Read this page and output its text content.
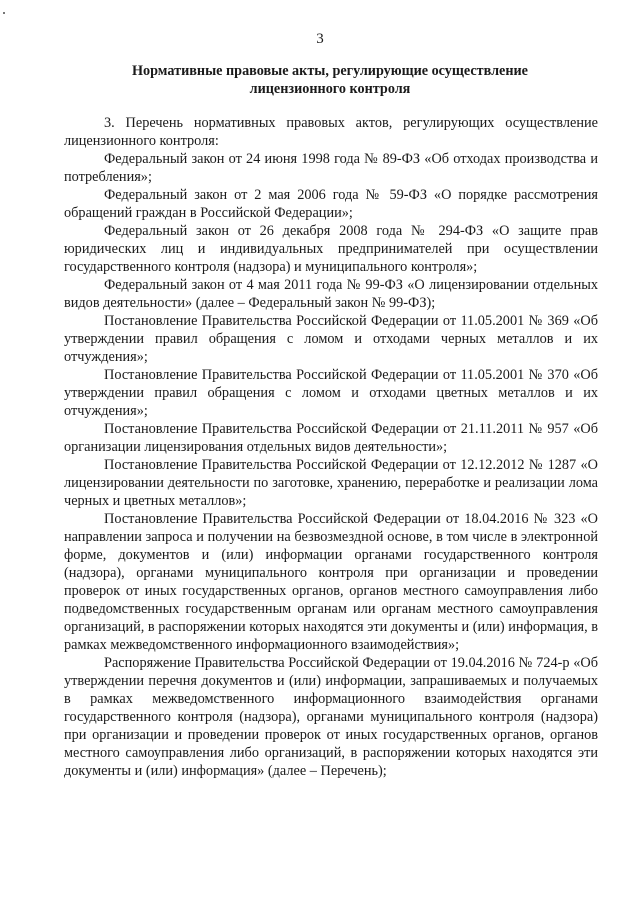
3
Нормативные правовые акты, регулирующие осуществление
лицензионного контроля

3. Перечень нормативных правовых актов, регулирующих осуществление лицензионного контроля:

Федеральный закон от 24 июня 1998 года № 89-ФЗ «Об отходах производства и потребления»;

Федеральный закон от 2 мая 2006 года № 59-ФЗ «О порядке рассмотрения обращений граждан в Российской Федерации»;

Федеральный закон от 26 декабря 2008 года № 294-ФЗ «О защите прав юридических лиц и индивидуальных предпринимателей при осуществлении государственного контроля (надзора) и муниципального контроля»;

Федеральный закон от 4 мая 2011 года № 99-ФЗ «О лицензировании отдельных видов деятельности» (далее – Федеральный закон № 99-ФЗ);

Постановление Правительства Российской Федерации от 11.05.2001 № 369 «Об утверждении правил обращения с ломом и отходами черных металлов и их отчуждения»;

Постановление Правительства Российской Федерации от 11.05.2001 № 370 «Об утверждении правил обращения с ломом и отходами цветных металлов и их отчуждения»;

Постановление Правительства Российской Федерации от 21.11.2011 № 957 «Об организации лицензирования отдельных видов деятельности»;

Постановление Правительства Российской Федерации от 12.12.2012 № 1287 «О лицензировании деятельности по заготовке, хранению, переработке и реализации лома черных и цветных металлов»;

Постановление Правительства Российской Федерации от 18.04.2016 № 323 «О направлении запроса и получении на безвозмездной основе, в том числе в электронной форме, документов и (или) информации органами государственного контроля (надзора), органами муниципального контроля при организации и проведении проверок от иных государственных органов, органов местного самоуправления либо подведомственных государственным органам или органам местного самоуправления организаций, в распоряжении которых находятся эти документы и (или) информация, в рамках межведомственного информационного взаимодействия»;

Распоряжение Правительства Российской Федерации от 19.04.2016 № 724-р «Об утверждении перечня документов и (или) информации, запрашиваемых и получаемых в рамках межведомственного информационного взаимодействия органами государственного контроля (надзора), органами муниципального контроля (надзора) при организации и проведении проверок от иных государственных органов, органов местного самоуправления либо организаций, в распоряжении которых находятся эти документы и (или) информация» (далее – Перечень);
